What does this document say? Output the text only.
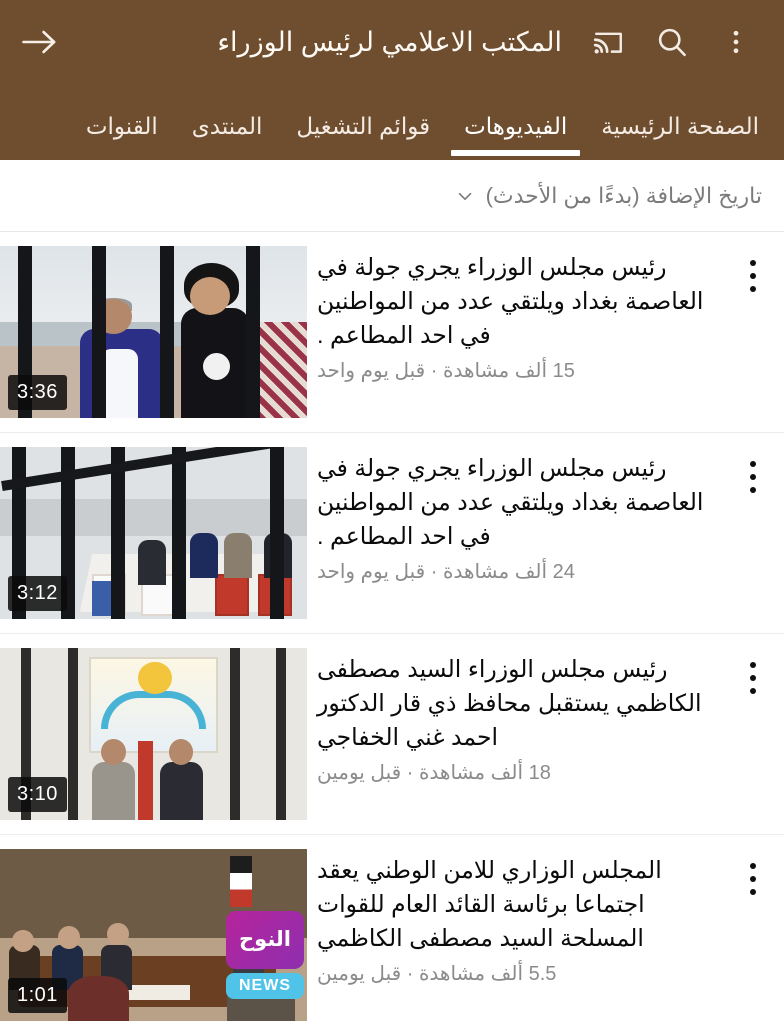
المكتب الاعلامي لرئيس الوزراء
الصفحة الرئيسية
الفيديوهات
قوائم التشغيل
المنتدى
القنوات
تاريخ الإضافة (بدءًا من الأحدث)
رئيس مجلس الوزراء يجري جولة في العاصمة بغداد ويلتقي عدد من المواطنين في احد المطاعم .
15 ألف مشاهدة · قبل يوم واحد
3:36
رئيس مجلس الوزراء يجري جولة في العاصمة بغداد ويلتقي عدد من المواطنين في احد المطاعم .
24 ألف مشاهدة · قبل يوم واحد
3:12
رئيس مجلس الوزراء السيد مصطفى الكاظمي يستقبل محافظ ذي قار الدكتور احمد غني الخفاجي
18 ألف مشاهدة · قبل يومين
3:10
المجلس الوزاري للامن الوطني يعقد اجتماعا برئاسة القائد العام للقوات المسلحة السيد مصطفى الكاظمي
5.5 ألف مشاهدة · قبل يومين
النوح
NEWS
1:01
